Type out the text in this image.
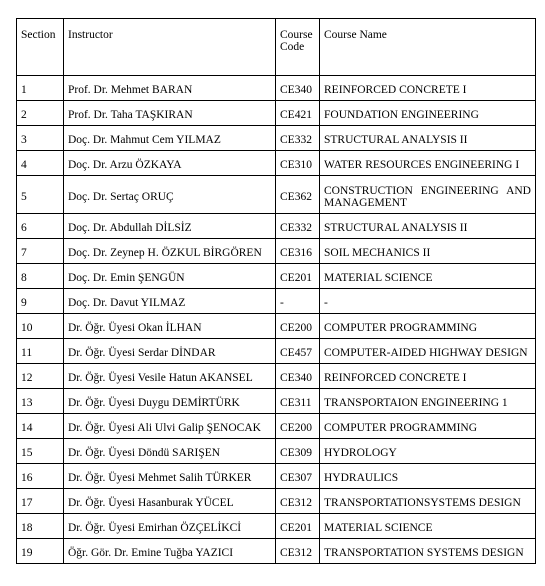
Section	Instructor	Course Code	Course Name
1	Prof. Dr. Mehmet BARAN	CE340	REINFORCED CONCRETE I
2	Prof. Dr. Taha TAŞKIRAN	CE421	FOUNDATION ENGINEERING
3	Doç. Dr. Mahmut Cem YILMAZ	CE332	STRUCTURAL ANALYSIS II
4	Doç. Dr. Arzu ÖZKAYA	CE310	WATER RESOURCES ENGINEERING I
5	Doç. Dr. Sertaç ORUÇ	CE362	CONSTRUCTION ENGINEERING AND MANAGEMENT
6	Doç. Dr. Abdullah DİLSİZ	CE332	STRUCTURAL ANALYSIS II
7	Doç. Dr. Zeynep H. ÖZKUL BİRGÖREN	CE316	SOIL MECHANICS II
8	Doç. Dr. Emin ŞENGÜN	CE201	MATERIAL SCIENCE
9	Doç. Dr. Davut YILMAZ	-	-
10	Dr. Öğr. Üyesi Okan İLHAN	CE200	COMPUTER PROGRAMMING
11	Dr. Öğr. Üyesi Serdar DİNDAR	CE457	COMPUTER-AIDED HIGHWAY DESIGN
12	Dr. Öğr. Üyesi Vesile Hatun AKANSEL	CE340	REINFORCED CONCRETE I
13	Dr. Öğr. Üyesi Duygu DEMİRTÜRK	CE311	TRANSPORTAION ENGINEERING 1
14	Dr. Öğr. Üyesi Ali Ulvi Galip ŞENOCAK	CE200	COMPUTER PROGRAMMING
15	Dr. Öğr. Üyesi Döndü SARIŞEN	CE309	HYDROLOGY
16	Dr. Öğr. Üyesi Mehmet Salih TÜRKER	CE307	HYDRAULICS
17	Dr. Öğr. Üyesi Hasanburak YÜCEL	CE312	TRANSPORTATIONSYSTEMS DESIGN
18	Dr. Öğr. Üyesi Emirhan ÖZÇELİKCİ	CE201	MATERIAL SCIENCE
19	Öğr. Gör. Dr. Emine Tuğba YAZICI	CE312	TRANSPORTATION SYSTEMS DESIGN
